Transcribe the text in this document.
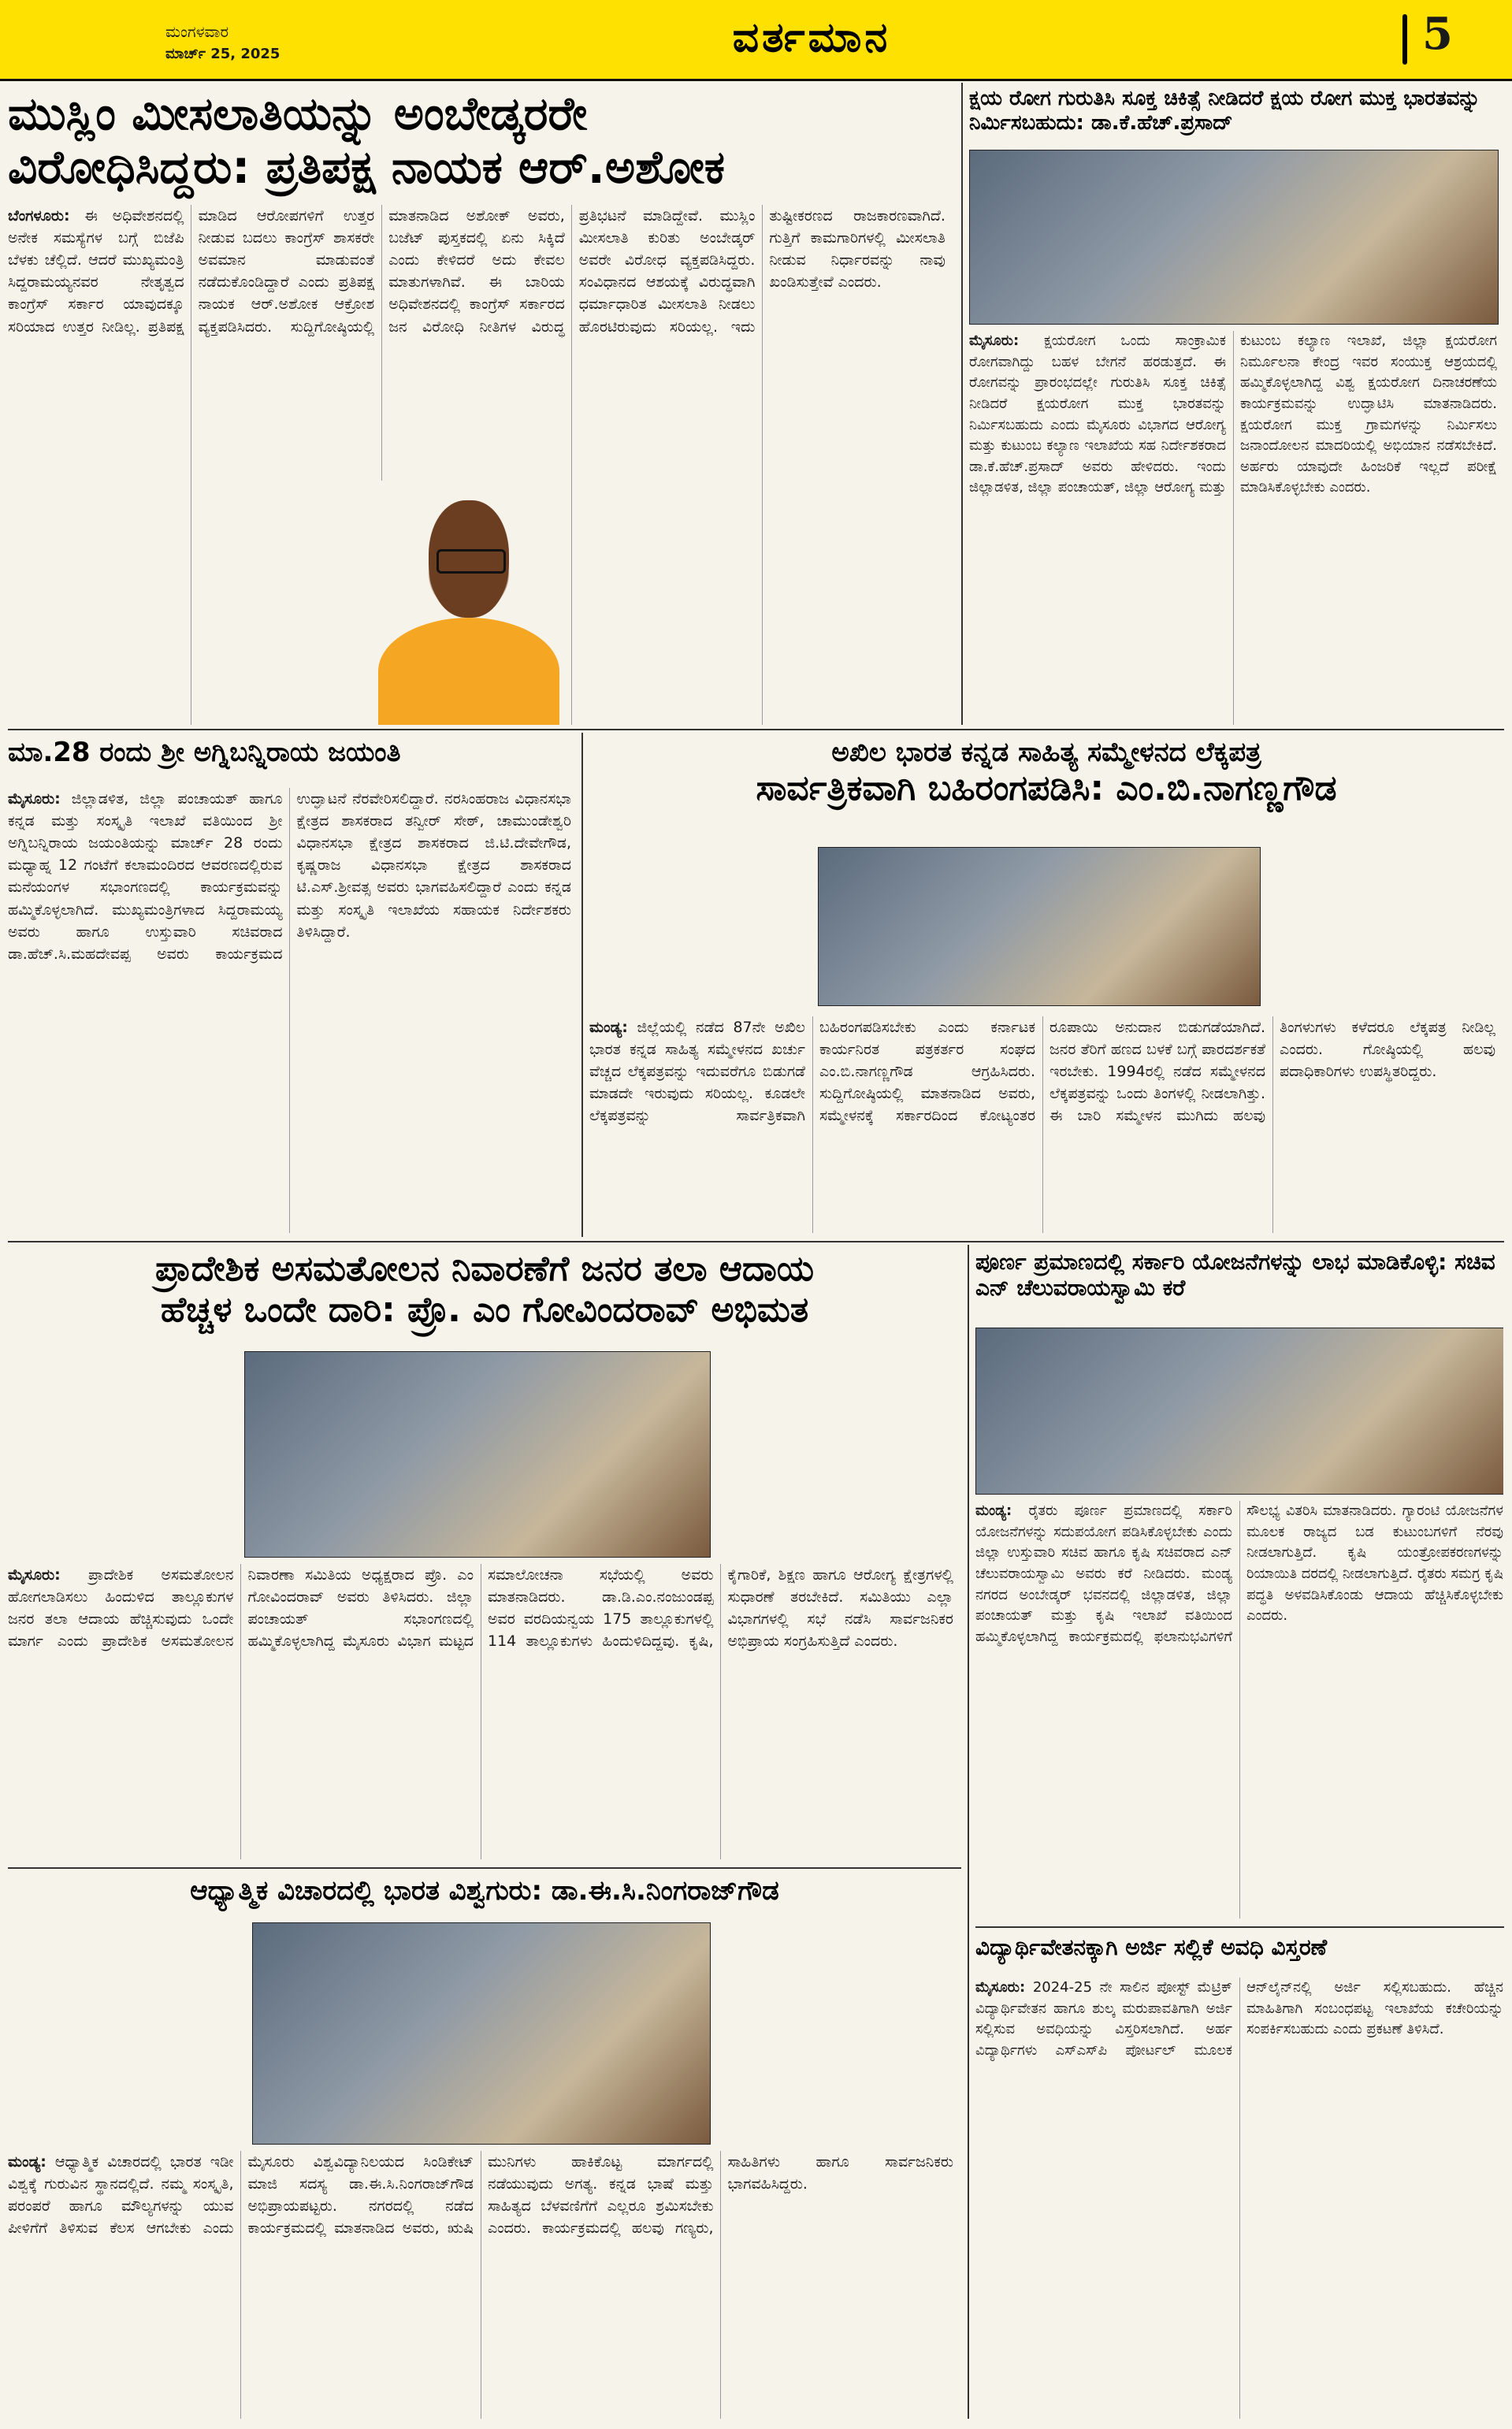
ಮಂಗಳವಾರ
ಮಾರ್ಚ್ 25, 2025	ವರ್ತಮಾನ	5
ಮುಸ್ಲಿಂ ಮೀಸಲಾತಿಯನ್ನು ಅಂಬೇಡ್ಕರರೇ
ವಿರೋಧಿಸಿದ್ದರು: ಪ್ರತಿಪಕ್ಷ ನಾಯಕ ಆರ್.ಅಶೋಕ

ಬೆಂಗಳೂರು: ಈ ಅಧಿವೇಶನದಲ್ಲಿ ಅನೇಕ ಸಮಸ್ಯೆಗಳ ಬಗ್ಗೆ ಬಿಜೆಪಿ ಬೆಳಕು ಚೆಲ್ಲಿದೆ. ಆದರೆ ಮುಖ್ಯಮಂತ್ರಿ ಸಿದ್ದರಾಮಯ್ಯನವರ ನೇತೃತ್ವದ ಕಾಂಗ್ರೆಸ್ ಸರ್ಕಾರ ಯಾವುದಕ್ಕೂ ಸರಿಯಾದ ಉತ್ತರ ನೀಡಿಲ್ಲ. ಪ್ರತಿಪಕ್ಷ ಮಾಡಿದ ಆರೋಪಗಳಿಗೆ ಉತ್ತರ ನೀಡುವ ಬದಲು ಕಾಂಗ್ರೆಸ್ ಶಾಸಕರೇ ಅವಮಾನ ಮಾಡುವಂತೆ ನಡೆದುಕೊಂಡಿದ್ದಾರೆ ಎಂದು ಪ್ರತಿಪಕ್ಷ ನಾಯಕ ಆರ್.ಅಶೋಕ ಆಕ್ರೋಶ ವ್ಯಕ್ತಪಡಿಸಿದರು. ಸುದ್ದಿಗೋಷ್ಠಿಯಲ್ಲಿ ಮಾತನಾಡಿದ ಅಶೋಕ್ ಅವರು, ಬಜೆಟ್ ಪುಸ್ತಕದಲ್ಲಿ ಏನು ಸಿಕ್ಕಿದೆ ಎಂದು ಕೇಳಿದರೆ ಅದು ಕೇವಲ ಮಾತುಗಳಾಗಿವೆ. ಈ ಬಾರಿಯ ಅಧಿವೇಶನದಲ್ಲಿ ಕಾಂಗ್ರೆಸ್ ಸರ್ಕಾರದ ಜನ ವಿರೋಧಿ ನೀತಿಗಳ ವಿರುದ್ಧ ಪ್ರತಿಭಟನೆ ಮಾಡಿದ್ದೇವೆ. ಮುಸ್ಲಿಂ ಮೀಸಲಾತಿ ಕುರಿತು ಅಂಬೇಡ್ಕರ್ ಅವರೇ ವಿರೋಧ ವ್ಯಕ್ತಪಡಿಸಿದ್ದರು. ಸಂವಿಧಾನದ ಆಶಯಕ್ಕೆ ವಿರುದ್ಧವಾಗಿ ಧರ್ಮಾಧಾರಿತ ಮೀಸಲಾತಿ ನೀಡಲು ಹೊರಟಿರುವುದು ಸರಿಯಲ್ಲ. ಇದು ತುಷ್ಟೀಕರಣದ ರಾಜಕಾರಣವಾಗಿದೆ. ಗುತ್ತಿಗೆ ಕಾಮಗಾರಿಗಳಲ್ಲಿ ಮೀಸಲಾತಿ ನೀಡುವ ನಿರ್ಧಾರವನ್ನು ನಾವು ಖಂಡಿಸುತ್ತೇವೆ ಎಂದರು.

ಕ್ಷಯ ರೋಗ ಗುರುತಿಸಿ ಸೂಕ್ತ ಚಿಕಿತ್ಸೆ ನೀಡಿದರೆ ಕ್ಷಯ ರೋಗ ಮುಕ್ತ ಭಾರತವನ್ನು ನಿರ್ಮಿಸಬಹುದು: ಡಾ.ಕೆ.ಹೆಚ್.ಪ್ರಸಾದ್

ಮೈಸೂರು: ಕ್ಷಯರೋಗ ಒಂದು ಸಾಂಕ್ರಾಮಿಕ ರೋಗವಾಗಿದ್ದು ಬಹಳ ಬೇಗನೆ ಹರಡುತ್ತದೆ. ಈ ರೋಗವನ್ನು ಪ್ರಾರಂಭದಲ್ಲೇ ಗುರುತಿಸಿ ಸೂಕ್ತ ಚಿಕಿತ್ಸೆ ನೀಡಿದರೆ ಕ್ಷಯರೋಗ ಮುಕ್ತ ಭಾರತವನ್ನು ನಿರ್ಮಿಸಬಹುದು ಎಂದು ಮೈಸೂರು ವಿಭಾಗದ ಆರೋಗ್ಯ ಮತ್ತು ಕುಟುಂಬ ಕಲ್ಯಾಣ ಇಲಾಖೆಯ ಸಹ ನಿರ್ದೇಶಕರಾದ ಡಾ.ಕೆ.ಹೆಚ್.ಪ್ರಸಾದ್ ಅವರು ಹೇಳಿದರು. ಇಂದು ಜಿಲ್ಲಾಡಳಿತ, ಜಿಲ್ಲಾ ಪಂಚಾಯತ್, ಜಿಲ್ಲಾ ಆರೋಗ್ಯ ಮತ್ತು ಕುಟುಂಬ ಕಲ್ಯಾಣ ಇಲಾಖೆ, ಜಿಲ್ಲಾ ಕ್ಷಯರೋಗ ನಿರ್ಮೂಲನಾ ಕೇಂದ್ರ ಇವರ ಸಂಯುಕ್ತ ಆಶ್ರಯದಲ್ಲಿ ಹಮ್ಮಿಕೊಳ್ಳಲಾಗಿದ್ದ ವಿಶ್ವ ಕ್ಷಯರೋಗ ದಿನಾಚರಣೆಯ ಕಾರ್ಯಕ್ರಮವನ್ನು ಉದ್ಘಾಟಿಸಿ ಮಾತನಾಡಿದರು. ಕ್ಷಯರೋಗ ಮುಕ್ತ ಗ್ರಾಮಗಳನ್ನು ನಿರ್ಮಿಸಲು ಜನಾಂದೋಲನ ಮಾದರಿಯಲ್ಲಿ ಅಭಿಯಾನ ನಡೆಸಬೇಕಿದೆ. ಅರ್ಹರು ಯಾವುದೇ ಹಿಂಜರಿಕೆ ಇಲ್ಲದೆ ಪರೀಕ್ಷೆ ಮಾಡಿಸಿಕೊಳ್ಳಬೇಕು ಎಂದರು.

ಮಾ.28 ರಂದು ಶ್ರೀ ಅಗ್ನಿಬನ್ನಿರಾಯ ಜಯಂತಿ

ಮೈಸೂರು: ಜಿಲ್ಲಾಡಳಿತ, ಜಿಲ್ಲಾ ಪಂಚಾಯತ್ ಹಾಗೂ ಕನ್ನಡ ಮತ್ತು ಸಂಸ್ಕೃತಿ ಇಲಾಖೆ ವತಿಯಿಂದ ಶ್ರೀ ಅಗ್ನಿಬನ್ನಿರಾಯ ಜಯಂತಿಯನ್ನು ಮಾರ್ಚ್ 28 ರಂದು ಮಧ್ಯಾಹ್ನ 12 ಗಂಟೆಗೆ ಕಲಾಮಂದಿರದ ಆವರಣದಲ್ಲಿರುವ ಮನೆಯಂಗಳ ಸಭಾಂಗಣದಲ್ಲಿ ಕಾರ್ಯಕ್ರಮವನ್ನು ಹಮ್ಮಿಕೊಳ್ಳಲಾಗಿದೆ. ಮುಖ್ಯಮಂತ್ರಿಗಳಾದ ಸಿದ್ದರಾಮಯ್ಯ ಅವರು ಹಾಗೂ ಉಸ್ತುವಾರಿ ಸಚಿವರಾದ ಡಾ.ಹೆಚ್.ಸಿ.ಮಹದೇವಪ್ಪ ಅವರು ಕಾರ್ಯಕ್ರಮದ ಉದ್ಘಾಟನೆ ನೆರವೇರಿಸಲಿದ್ದಾರೆ. ನರಸಿಂಹರಾಜ ವಿಧಾನಸಭಾ ಕ್ಷೇತ್ರದ ಶಾಸಕರಾದ ತನ್ವೀರ್ ಸೇಠ್, ಚಾಮುಂಡೇಶ್ವರಿ ವಿಧಾನಸಭಾ ಕ್ಷೇತ್ರದ ಶಾಸಕರಾದ ಜಿ.ಟಿ.ದೇವೇಗೌಡ, ಕೃಷ್ಣರಾಜ ವಿಧಾನಸಭಾ ಕ್ಷೇತ್ರದ ಶಾಸಕರಾದ ಟಿ.ಎಸ್.ಶ್ರೀವತ್ಸ ಅವರು ಭಾಗವಹಿಸಲಿದ್ದಾರೆ ಎಂದು ಕನ್ನಡ ಮತ್ತು ಸಂಸ್ಕೃತಿ ಇಲಾಖೆಯ ಸಹಾಯಕ ನಿರ್ದೇಶಕರು ತಿಳಿಸಿದ್ದಾರೆ.

ಅಖಿಲ ಭಾರತ ಕನ್ನಡ ಸಾಹಿತ್ಯ ಸಮ್ಮೇಳನದ ಲೆಕ್ಕಪತ್ರ
ಸಾರ್ವತ್ರಿಕವಾಗಿ ಬಹಿರಂಗಪಡಿಸಿ: ಎಂ.ಬಿ.ನಾಗಣ್ಣಗೌಡ

ಮಂಡ್ಯ: ಜಿಲ್ಲೆಯಲ್ಲಿ ನಡೆದ 87ನೇ ಅಖಿಲ ಭಾರತ ಕನ್ನಡ ಸಾಹಿತ್ಯ ಸಮ್ಮೇಳನದ ಖರ್ಚು ವೆಚ್ಚದ ಲೆಕ್ಕಪತ್ರವನ್ನು ಇದುವರೆಗೂ ಬಿಡುಗಡೆ ಮಾಡದೇ ಇರುವುದು ಸರಿಯಲ್ಲ. ಕೂಡಲೇ ಲೆಕ್ಕಪತ್ರವನ್ನು ಸಾರ್ವತ್ರಿಕವಾಗಿ ಬಹಿರಂಗಪಡಿಸಬೇಕು ಎಂದು ಕರ್ನಾಟಕ ಕಾರ್ಯನಿರತ ಪತ್ರಕರ್ತರ ಸಂಘದ ಎಂ.ಬಿ.ನಾಗಣ್ಣಗೌಡ ಆಗ್ರಹಿಸಿದರು. ಸುದ್ದಿಗೋಷ್ಠಿಯಲ್ಲಿ ಮಾತನಾಡಿದ ಅವರು, ಸಮ್ಮೇಳನಕ್ಕೆ ಸರ್ಕಾರದಿಂದ ಕೋಟ್ಯಂತರ ರೂಪಾಯಿ ಅನುದಾನ ಬಿಡುಗಡೆಯಾಗಿದೆ. ಜನರ ತೆರಿಗೆ ಹಣದ ಬಳಕೆ ಬಗ್ಗೆ ಪಾರದರ್ಶಕತೆ ಇರಬೇಕು. 1994ರಲ್ಲಿ ನಡೆದ ಸಮ್ಮೇಳನದ ಲೆಕ್ಕಪತ್ರವನ್ನು ಒಂದು ತಿಂಗಳಲ್ಲಿ ನೀಡಲಾಗಿತ್ತು. ಈ ಬಾರಿ ಸಮ್ಮೇಳನ ಮುಗಿದು ಹಲವು ತಿಂಗಳುಗಳು ಕಳೆದರೂ ಲೆಕ್ಕಪತ್ರ ನೀಡಿಲ್ಲ ಎಂದರು. ಗೋಷ್ಠಿಯಲ್ಲಿ ಹಲವು ಪದಾಧಿಕಾರಿಗಳು ಉಪಸ್ಥಿತರಿದ್ದರು.

ಪ್ರಾದೇಶಿಕ ಅಸಮತೋಲನ ನಿವಾರಣೆಗೆ ಜನರ ತಲಾ ಆದಾಯ
ಹೆಚ್ಚಳ ಒಂದೇ ದಾರಿ: ಪ್ರೊ. ಎಂ ಗೋವಿಂದರಾವ್ ಅಭಿಮತ

ಮೈಸೂರು: ಪ್ರಾದೇಶಿಕ ಅಸಮತೋಲನ ಹೋಗಲಾಡಿಸಲು ಹಿಂದುಳಿದ ತಾಲ್ಲೂಕುಗಳ ಜನರ ತಲಾ ಆದಾಯ ಹೆಚ್ಚಿಸುವುದು ಒಂದೇ ಮಾರ್ಗ ಎಂದು ಪ್ರಾದೇಶಿಕ ಅಸಮತೋಲನ ನಿವಾರಣಾ ಸಮಿತಿಯ ಅಧ್ಯಕ್ಷರಾದ ಪ್ರೊ. ಎಂ ಗೋವಿಂದರಾವ್ ಅವರು ತಿಳಿಸಿದರು. ಜಿಲ್ಲಾ ಪಂಚಾಯತ್ ಸಭಾಂಗಣದಲ್ಲಿ ಹಮ್ಮಿಕೊಳ್ಳಲಾಗಿದ್ದ ಮೈಸೂರು ವಿಭಾಗ ಮಟ್ಟದ ಸಮಾಲೋಚನಾ ಸಭೆಯಲ್ಲಿ ಅವರು ಮಾತನಾಡಿದರು. ಡಾ.ಡಿ.ಎಂ.ನಂಜುಂಡಪ್ಪ ಅವರ ವರದಿಯನ್ವಯ 175 ತಾಲ್ಲೂಕುಗಳಲ್ಲಿ 114 ತಾಲ್ಲೂಕುಗಳು ಹಿಂದುಳಿದಿದ್ದವು. ಕೃಷಿ, ಕೈಗಾರಿಕೆ, ಶಿಕ್ಷಣ ಹಾಗೂ ಆರೋಗ್ಯ ಕ್ಷೇತ್ರಗಳಲ್ಲಿ ಸುಧಾರಣೆ ತರಬೇಕಿದೆ. ಸಮಿತಿಯು ಎಲ್ಲಾ ವಿಭಾಗಗಳಲ್ಲಿ ಸಭೆ ನಡೆಸಿ ಸಾರ್ವಜನಿಕರ ಅಭಿಪ್ರಾಯ ಸಂಗ್ರಹಿಸುತ್ತಿದೆ ಎಂದರು.

ಪೂರ್ಣ ಪ್ರಮಾಣದಲ್ಲಿ ಸರ್ಕಾರಿ ಯೋಜನೆಗಳನ್ನು ಲಾಭ ಮಾಡಿಕೊಳ್ಳಿ: ಸಚಿವ ಎನ್ ಚೆಲುವರಾಯಸ್ವಾಮಿ ಕರೆ

ಮಂಡ್ಯ: ರೈತರು ಪೂರ್ಣ ಪ್ರಮಾಣದಲ್ಲಿ ಸರ್ಕಾರಿ ಯೋಜನೆಗಳನ್ನು ಸದುಪಯೋಗ ಪಡಿಸಿಕೊಳ್ಳಬೇಕು ಎಂದು ಜಿಲ್ಲಾ ಉಸ್ತುವಾರಿ ಸಚಿವ ಹಾಗೂ ಕೃಷಿ ಸಚಿವರಾದ ಎನ್ ಚೆಲುವರಾಯಸ್ವಾಮಿ ಅವರು ಕರೆ ನೀಡಿದರು. ಮಂಡ್ಯ ನಗರದ ಅಂಬೇಡ್ಕರ್ ಭವನದಲ್ಲಿ ಜಿಲ್ಲಾಡಳಿತ, ಜಿಲ್ಲಾ ಪಂಚಾಯತ್ ಮತ್ತು ಕೃಷಿ ಇಲಾಖೆ ವತಿಯಿಂದ ಹಮ್ಮಿಕೊಳ್ಳಲಾಗಿದ್ದ ಕಾರ್ಯಕ್ರಮದಲ್ಲಿ ಫಲಾನುಭವಿಗಳಿಗೆ ಸೌಲಭ್ಯ ವಿತರಿಸಿ ಮಾತನಾಡಿದರು. ಗ್ಯಾರಂಟಿ ಯೋಜನೆಗಳ ಮೂಲಕ ರಾಜ್ಯದ ಬಡ ಕುಟುಂಬಗಳಿಗೆ ನೆರವು ನೀಡಲಾಗುತ್ತಿದೆ. ಕೃಷಿ ಯಂತ್ರೋಪಕರಣಗಳನ್ನು ರಿಯಾಯಿತಿ ದರದಲ್ಲಿ ನೀಡಲಾಗುತ್ತಿದೆ. ರೈತರು ಸಮಗ್ರ ಕೃಷಿ ಪದ್ಧತಿ ಅಳವಡಿಸಿಕೊಂಡು ಆದಾಯ ಹೆಚ್ಚಿಸಿಕೊಳ್ಳಬೇಕು ಎಂದರು.

ಆಧ್ಯಾತ್ಮಿಕ ವಿಚಾರದಲ್ಲಿ ಭಾರತ ವಿಶ್ವಗುರು: ಡಾ.ಈ.ಸಿ.ನಿಂಗರಾಜ್‌ಗೌಡ

ಮಂಡ್ಯ: ಆಧ್ಯಾತ್ಮಿಕ ವಿಚಾರದಲ್ಲಿ ಭಾರತ ಇಡೀ ವಿಶ್ವಕ್ಕೆ ಗುರುವಿನ ಸ್ಥಾನದಲ್ಲಿದೆ. ನಮ್ಮ ಸಂಸ್ಕೃತಿ, ಪರಂಪರೆ ಹಾಗೂ ಮೌಲ್ಯಗಳನ್ನು ಯುವ ಪೀಳಿಗೆಗೆ ತಿಳಿಸುವ ಕೆಲಸ ಆಗಬೇಕು ಎಂದು ಮೈಸೂರು ವಿಶ್ವವಿದ್ಯಾನಿಲಯದ ಸಿಂಡಿಕೇಟ್ ಮಾಜಿ ಸದಸ್ಯ ಡಾ.ಈ.ಸಿ.ನಿಂಗರಾಜ್‌ಗೌಡ ಅಭಿಪ್ರಾಯಪಟ್ಟರು. ನಗರದಲ್ಲಿ ನಡೆದ ಕಾರ್ಯಕ್ರಮದಲ್ಲಿ ಮಾತನಾಡಿದ ಅವರು, ಋಷಿ ಮುನಿಗಳು ಹಾಕಿಕೊಟ್ಟ ಮಾರ್ಗದಲ್ಲಿ ನಡೆಯುವುದು ಅಗತ್ಯ. ಕನ್ನಡ ಭಾಷೆ ಮತ್ತು ಸಾಹಿತ್ಯದ ಬೆಳವಣಿಗೆಗೆ ಎಲ್ಲರೂ ಶ್ರಮಿಸಬೇಕು ಎಂದರು. ಕಾರ್ಯಕ್ರಮದಲ್ಲಿ ಹಲವು ಗಣ್ಯರು, ಸಾಹಿತಿಗಳು ಹಾಗೂ ಸಾರ್ವಜನಿಕರು ಭಾಗವಹಿಸಿದ್ದರು.

ವಿದ್ಯಾರ್ಥಿವೇತನಕ್ಕಾಗಿ ಅರ್ಜಿ ಸಲ್ಲಿಕೆ ಅವಧಿ ವಿಸ್ತರಣೆ

ಮೈಸೂರು: 2024-25 ನೇ ಸಾಲಿನ ಪೋಸ್ಟ್ ಮೆಟ್ರಿಕ್ ವಿದ್ಯಾರ್ಥಿವೇತನ ಹಾಗೂ ಶುಲ್ಕ ಮರುಪಾವತಿಗಾಗಿ ಅರ್ಜಿ ಸಲ್ಲಿಸುವ ಅವಧಿಯನ್ನು ವಿಸ್ತರಿಸಲಾಗಿದೆ. ಅರ್ಹ ವಿದ್ಯಾರ್ಥಿಗಳು ಎಸ್‌ಎಸ್‌ಪಿ ಪೋರ್ಟಲ್ ಮೂಲಕ ಆನ್‌ಲೈನ್‌ನಲ್ಲಿ ಅರ್ಜಿ ಸಲ್ಲಿಸಬಹುದು. ಹೆಚ್ಚಿನ ಮಾಹಿತಿಗಾಗಿ ಸಂಬಂಧಪಟ್ಟ ಇಲಾಖೆಯ ಕಚೇರಿಯನ್ನು ಸಂಪರ್ಕಿಸಬಹುದು ಎಂದು ಪ್ರಕಟಣೆ ತಿಳಿಸಿದೆ.
